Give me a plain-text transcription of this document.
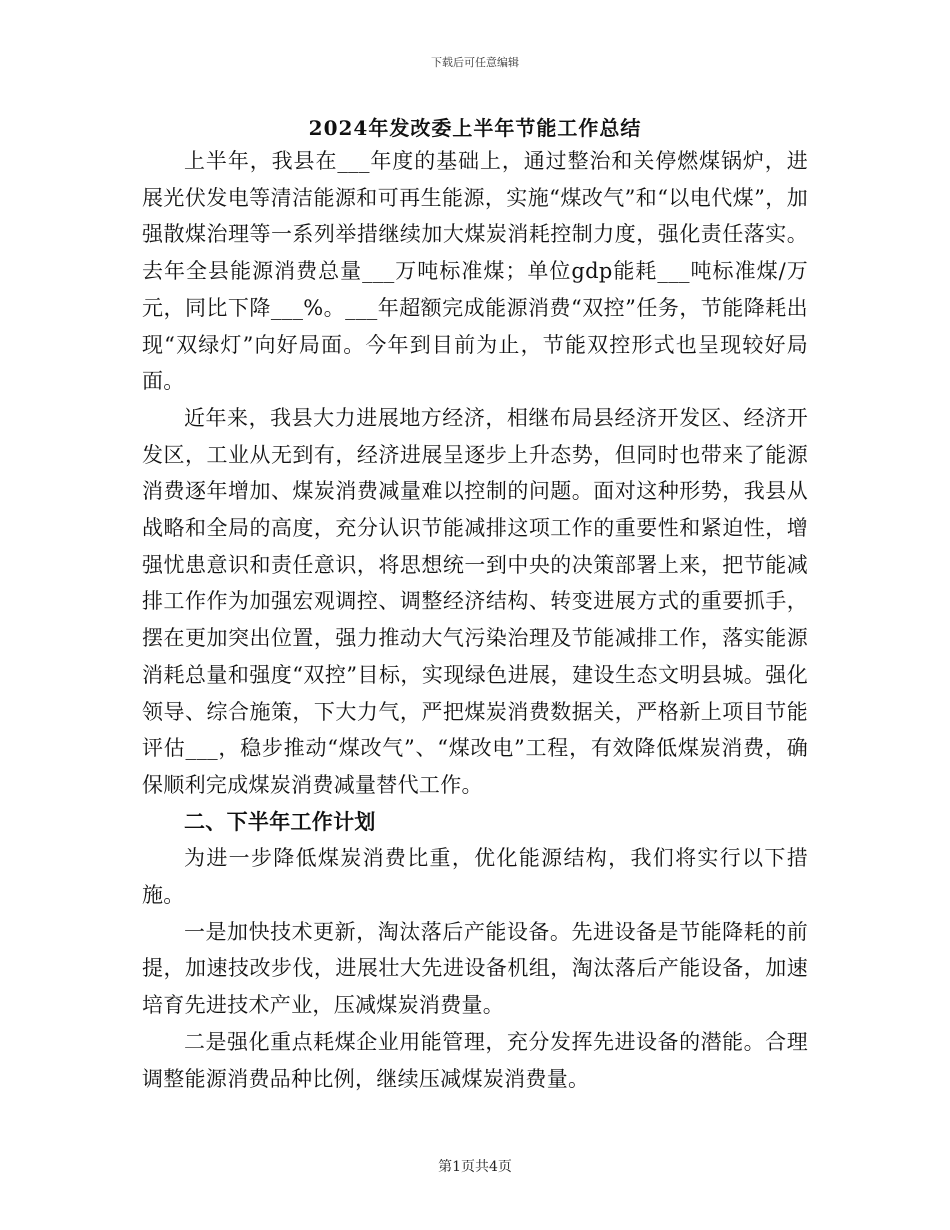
下载后可任意编辑
2024年发改委上半年节能工作总结

上半年，我县在___年度的基础上，通过整治和关停燃煤锅炉，进展光伏发电等清洁能源和可再生能源，实施“煤改气”和“以电代煤”，加强散煤治理等一系列举措继续加大煤炭消耗控制力度，强化责任落实。去年全县能源消费总量___万吨标准煤；单位gdp能耗___吨标准煤/万元，同比下降___%。___年超额完成能源消费“双控”任务，节能降耗出现“双绿灯”向好局面。今年到目前为止，节能双控形式也呈现较好局面。

近年来，我县大力进展地方经济，相继布局县经济开发区、经济开发区，工业从无到有，经济进展呈逐步上升态势，但同时也带来了能源消费逐年增加、煤炭消费减量难以控制的问题。面对这种形势，我县从战略和全局的高度，充分认识节能减排这项工作的重要性和紧迫性，增强忧患意识和责任意识，将思想统一到中央的决策部署上来，把节能减排工作作为加强宏观调控、调整经济结构、转变进展方式的重要抓手，摆在更加突出位置，强力推动大气污染治理及节能减排工作，落实能源消耗总量和强度“双控”目标，实现绿色进展，建设生态文明县城。强化领导、综合施策，下大力气，严把煤炭消费数据关，严格新上项目节能评估___，稳步推动“煤改气”、“煤改电”工程，有效降低煤炭消费，确保顺利完成煤炭消费减量替代工作。

二、下半年工作计划

为进一步降低煤炭消费比重，优化能源结构，我们将实行以下措施。

一是加快技术更新，淘汰落后产能设备。先进设备是节能降耗的前提，加速技改步伐，进展壮大先进设备机组，淘汰落后产能设备，加速培育先进技术产业，压减煤炭消费量。

二是强化重点耗煤企业用能管理，充分发挥先进设备的潜能。合理调整能源消费品种比例，继续压减煤炭消费量。

第1页共4页
